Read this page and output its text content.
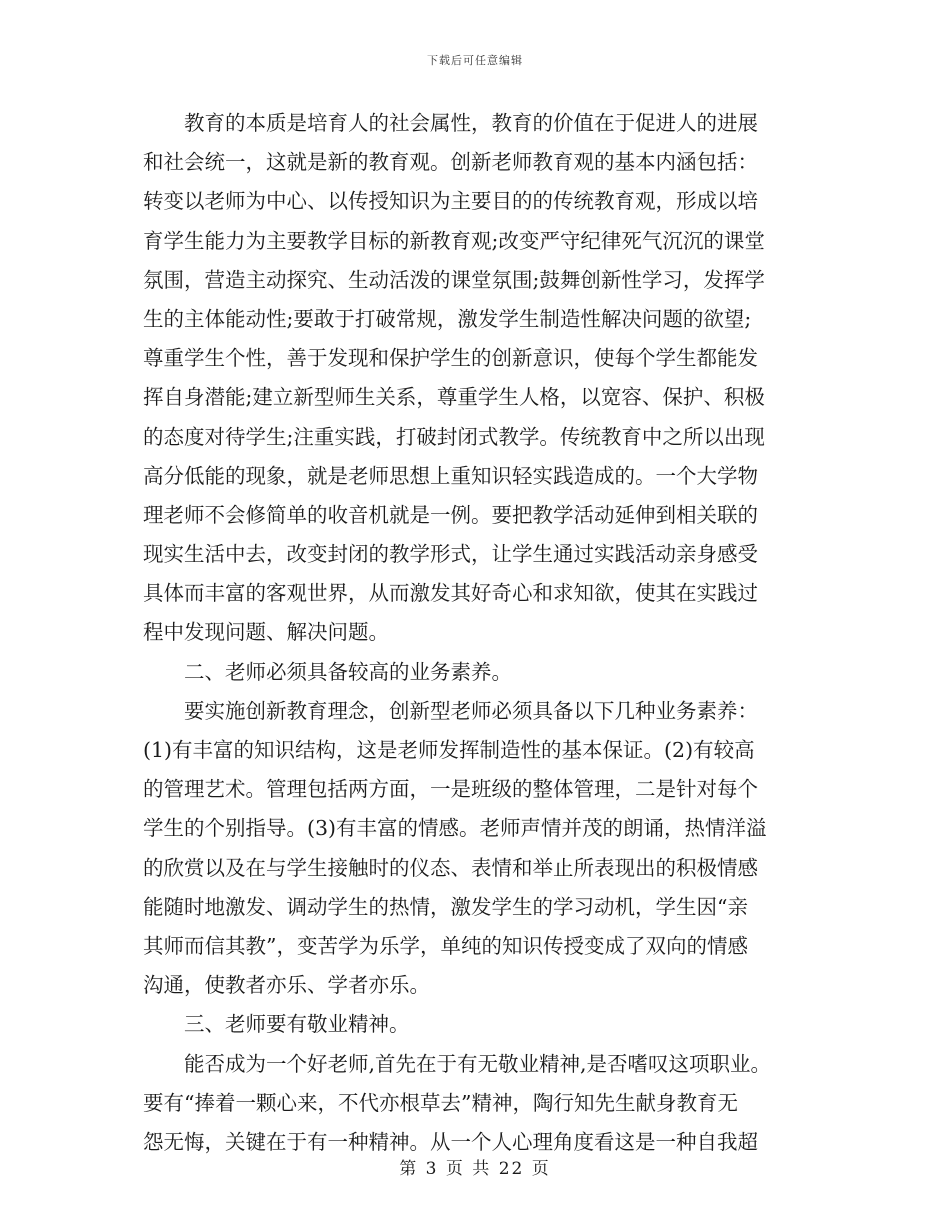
下载后可任意编辑
教育的本质是培育人的社会属性，教育的价值在于促进人的进展
和社会统一，这就是新的教育观。创新老师教育观的基本内涵包括：
转变以老师为中心、以传授知识为主要目的的传统教育观，形成以培
育学生能力为主要教学目标的新教育观;改变严守纪律死气沉沉的课堂
氛围，营造主动探究、生动活泼的课堂氛围;鼓舞创新性学习，发挥学
生的主体能动性;要敢于打破常规，激发学生制造性解决问题的欲望;
尊重学生个性，善于发现和保护学生的创新意识，使每个学生都能发
挥自身潜能;建立新型师生关系，尊重学生人格，以宽容、保护、积极
的态度对待学生;注重实践，打破封闭式教学。传统教育中之所以出现
高分低能的现象，就是老师思想上重知识轻实践造成的。一个大学物
理老师不会修简单的收音机就是一例。要把教学活动延伸到相关联的
现实生活中去，改变封闭的教学形式，让学生通过实践活动亲身感受
具体而丰富的客观世界，从而激发其好奇心和求知欲，使其在实践过
程中发现问题、解决问题。
二、老师必须具备较高的业务素养。
要实施创新教育理念，创新型老师必须具备以下几种业务素养：
(1)有丰富的知识结构，这是老师发挥制造性的基本保证。(2)有较高
的管理艺术。管理包括两方面，一是班级的整体管理，二是针对每个
学生的个别指导。(3)有丰富的情感。老师声情并茂的朗诵，热情洋溢
的欣赏以及在与学生接触时的仪态、表情和举止所表现出的积极情感
能随时地激发、调动学生的热情，激发学生的学习动机，学生因“亲
其师而信其教”，变苦学为乐学，单纯的知识传授变成了双向的情感
沟通，使教者亦乐、学者亦乐。
三、老师要有敬业精神。
能否成为一个好老师,首先在于有无敬业精神,是否嗜叹这项职业。
要有“捧着一颗心来，不代亦根草去”精神，陶行知先生献身教育无
怨无悔，关键在于有一种精神。从一个人心理角度看这是一种自我超
第 3 页 共 22 页
